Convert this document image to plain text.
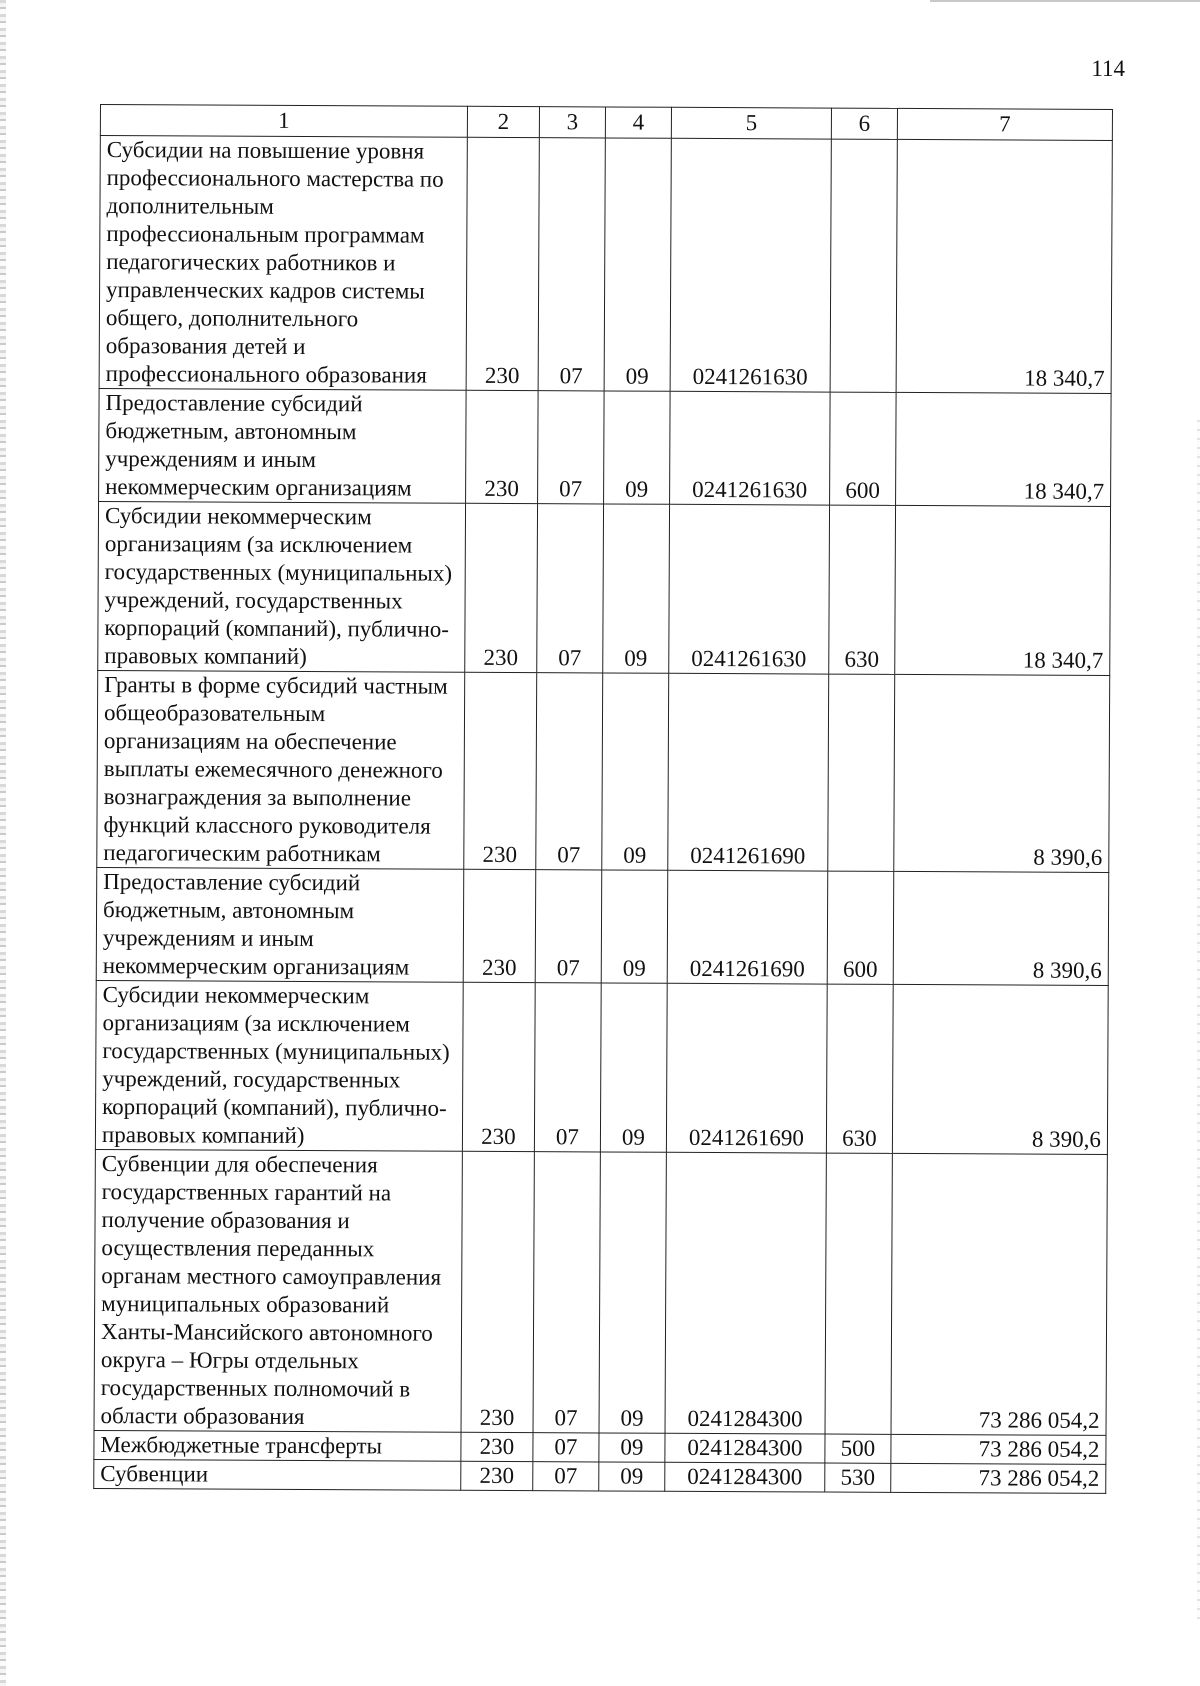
114
1	2	3	4	5	6	7
Субсидии на повышение уровня профессионального мастерства по дополнительным профессиональным программам педагогических работников и управленческих кадров системы общего, дополнительного образования детей и профессионального образования	230	07	09	0241261630		18 340,7
Предоставление субсидий бюджетным, автономным учреждениям и иным некоммерческим организациям	230	07	09	0241261630	600	18 340,7
Субсидии некоммерческим организациям (за исключением государственных (муниципальных) учреждений, государственных корпораций (компаний), публично-правовых компаний)	230	07	09	0241261630	630	18 340,7
Гранты в форме субсидий частным общеобразовательным организациям на обеспечение выплаты ежемесячного денежного вознаграждения за выполнение функций классного руководителя педагогическим работникам	230	07	09	0241261690		8 390,6
Предоставление субсидий бюджетным, автономным учреждениям и иным некоммерческим организациям	230	07	09	0241261690	600	8 390,6
Субсидии некоммерческим организациям (за исключением государственных (муниципальных) учреждений, государственных корпораций (компаний), публично-правовых компаний)	230	07	09	0241261690	630	8 390,6
Субвенции для обеспечения государственных гарантий на получение образования и осуществления переданных органам местного самоуправления муниципальных образований Ханты-Мансийского автономного округа – Югры отдельных государственных полномочий в области образования	230	07	09	0241284300		73 286 054,2
Межбюджетные трансферты	230	07	09	0241284300	500	73 286 054,2
Субвенции	230	07	09	0241284300	530	73 286 054,2
